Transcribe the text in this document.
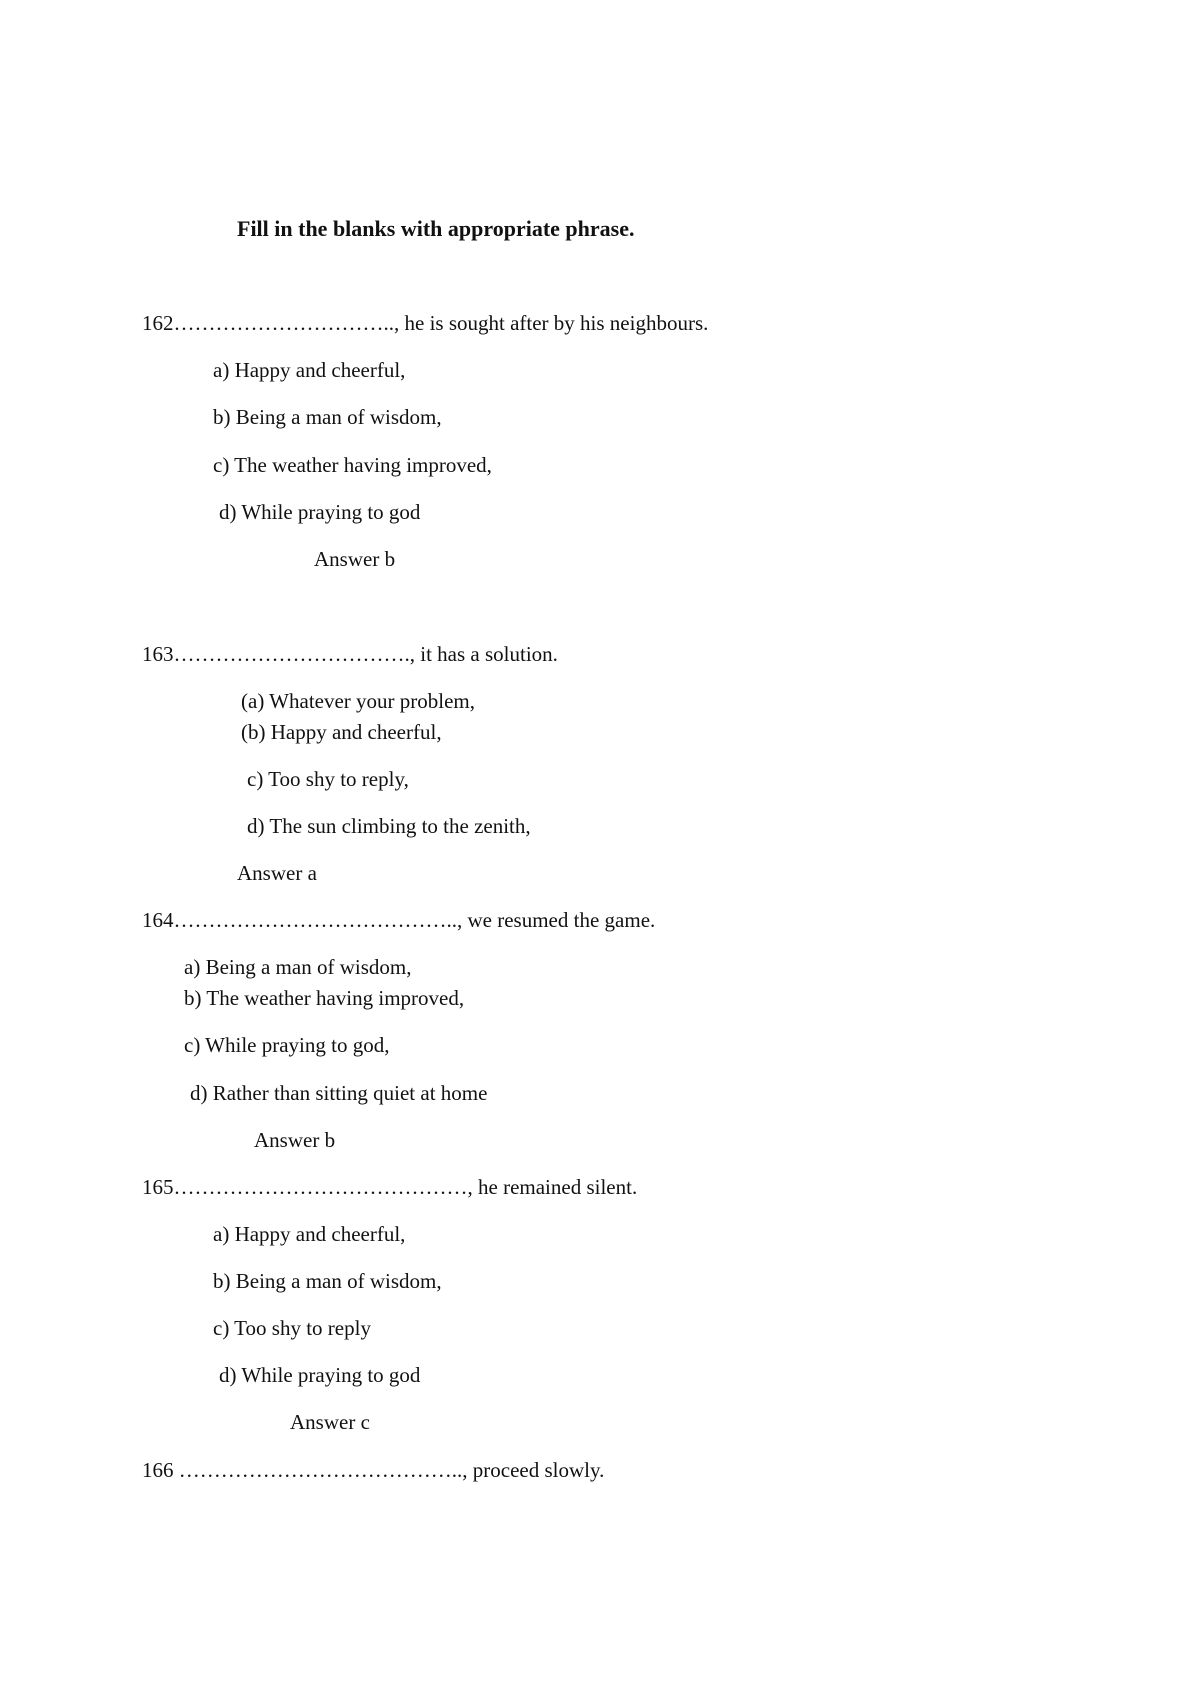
Fill in the blanks with appropriate phrase.
162………………………….., he is sought after by his neighbours.
a) Happy and cheerful,
b) Being a man of wisdom,
c) The weather having improved,
d) While praying to god
Answer b
163……………………………., it has a solution.
(a) Whatever your problem,
(b) Happy and cheerful,
c) Too shy to reply,
d) The sun climbing to the zenith,
Answer a
164………………………………….., we resumed the game.
a) Being a man of wisdom,
b) The weather having improved,
c) While praying to god,
d) Rather than sitting quiet at home
Answer b
165……………………………………, he remained silent.
a) Happy and cheerful,
b) Being a man of wisdom,
c) Too shy to reply
d) While praying to god
Answer c
166 ………………………………….., proceed slowly.
